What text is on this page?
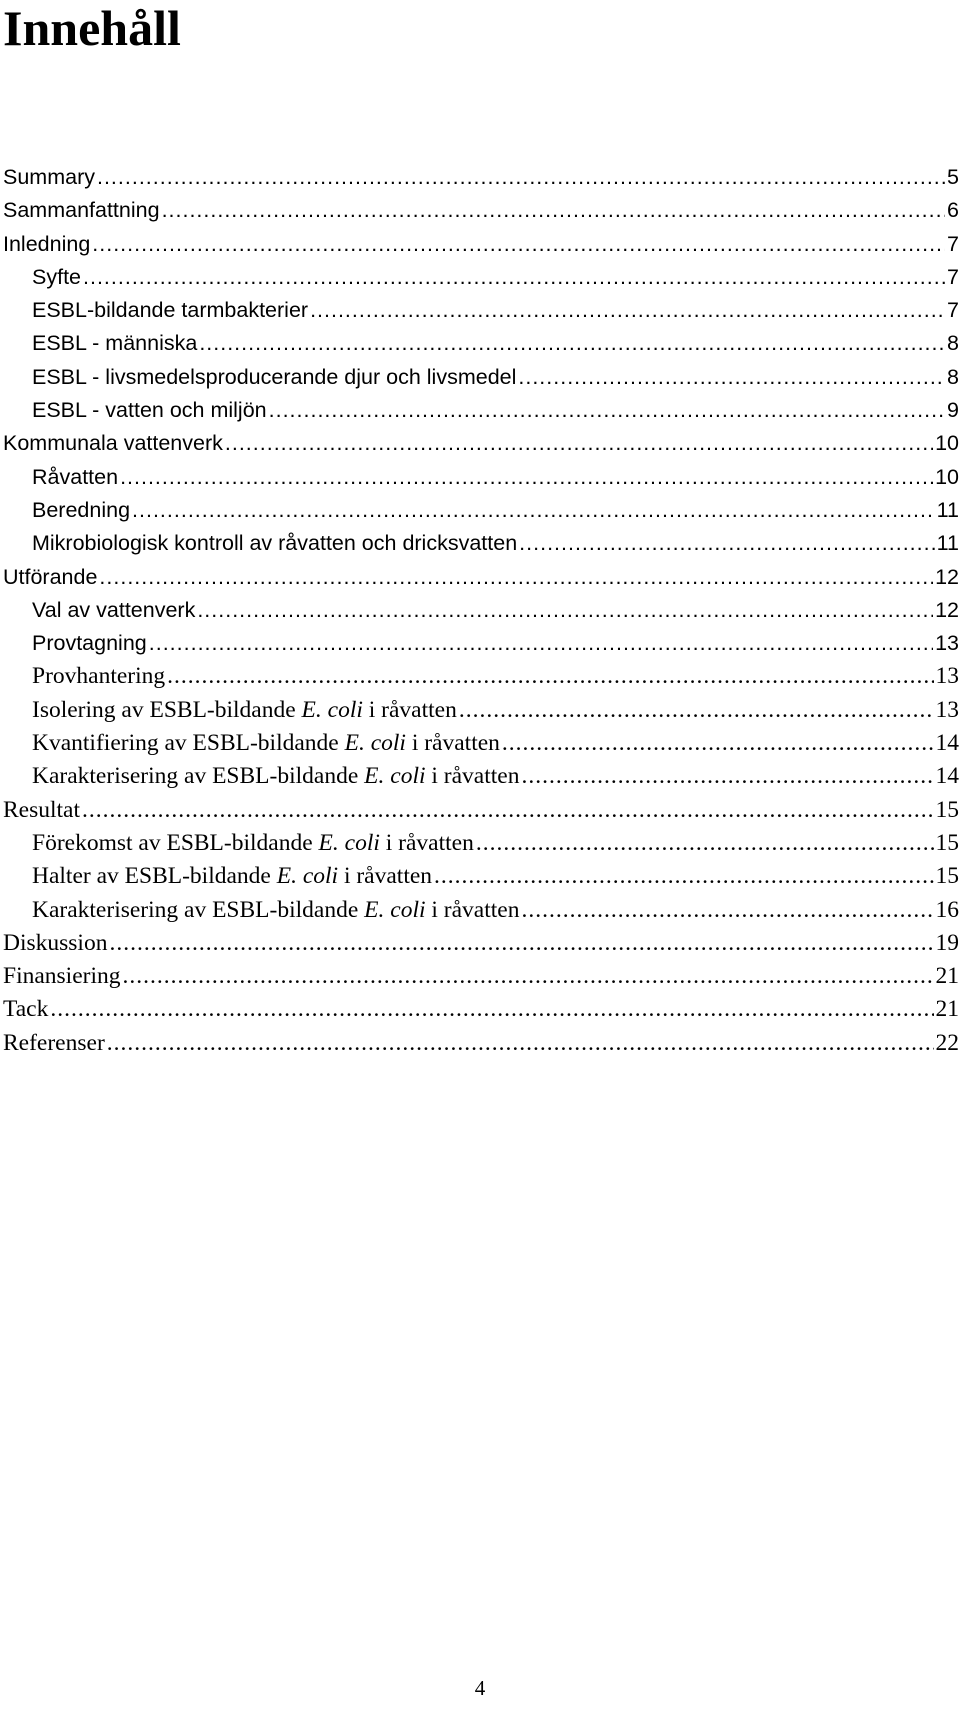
Innehåll
Summary .....	5
Sammanfattning .....	6
Inledning .....	7
Syfte .....	7
ESBL-bildande tarmbakterier .....	7
ESBL - människa .....	8
ESBL - livsmedelsproducerande djur och livsmedel .....	8
ESBL - vatten och miljön .....	9
Kommunala vattenverk .....	10
Råvatten .....	10
Beredning .....	11
Mikrobiologisk kontroll av råvatten och dricksvatten .....	11
Utförande .....	12
Val av vattenverk .....	12
Provtagning .....	13
Provhantering .....	13
Isolering av ESBL-bildande E. coli i råvatten .....	13
Kvantifiering av ESBL-bildande E. coli i råvatten .....	14
Karakterisering av ESBL-bildande E. coli i råvatten .....	14
Resultat .....	15
Förekomst av ESBL-bildande E. coli i råvatten .....	15
Halter av ESBL-bildande E. coli i råvatten .....	15
Karakterisering av ESBL-bildande E. coli i råvatten .....	16
Diskussion .....	19
Finansiering .....	21
Tack .....	21
Referenser .....	22
4
